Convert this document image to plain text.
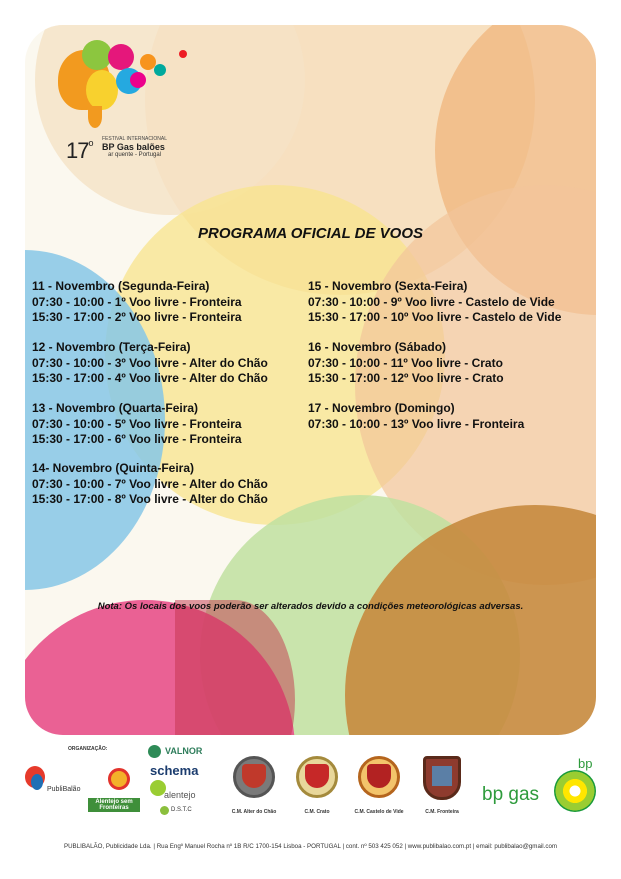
17$^o$ FESTIVAL INTERNACIONAL
BP Gas balões
ar quente - Portugal
PROGRAMA OFICIAL DE VOOS
11 - Novembro (Segunda-Feira)
07:30 - 10:00 - 1º Voo livre - Fronteira
15:30 - 17:00 - 2º Voo livre - Fronteira
12 - Novembro (Terça-Feira)
07:30 - 10:00 - 3º Voo livre - Alter do Chão
15:30 - 17:00 - 4º Voo livre - Alter do Chão
13 - Novembro (Quarta-Feira)
07:30 - 10:00 - 5º Voo livre - Fronteira
15:30 - 17:00 - 6º Voo livre - Fronteira
14- Novembro (Quinta-Feira)
07:30 - 10:00 - 7º Voo livre - Alter do Chão
15:30 - 17:00 - 8º Voo livre - Alter do Chão
15 - Novembro (Sexta-Feira)
07:30 - 10:00 - 9º Voo livre - Castelo de Vide
15:30 - 17:00 - 10º Voo livre - Castelo de Vide
16 - Novembro (Sábado)
07:30 - 10:00 - 11º Voo livre - Crato
15:30 - 17:00 - 12º Voo livre - Crato
17 - Novembro (Domingo)
07:30 - 10:00 - 13º Voo livre - Fronteira
Nota: Os locais dos voos poderão ser alterados devido a condições meteorológicas adversas.
ORGANIZAÇÃO:
PubliBalão
Alentejo sem Fronteiras
VALNOR
schema
alentejo
D.S.T.C	C.M. Alter do Chão	C.M. Crato	C.M. Castelo de Vide	C.M. Fronteira
bp gas
bp
PUBLIBALÃO, Publicidade Lda. | Rua Engº Manuel Rocha nº 1B R/C 1700-154 Lisboa - PORTUGAL | cont. nº 503 425 052 | www.publibalao.com.pt | email: publibalao@gmail.com
